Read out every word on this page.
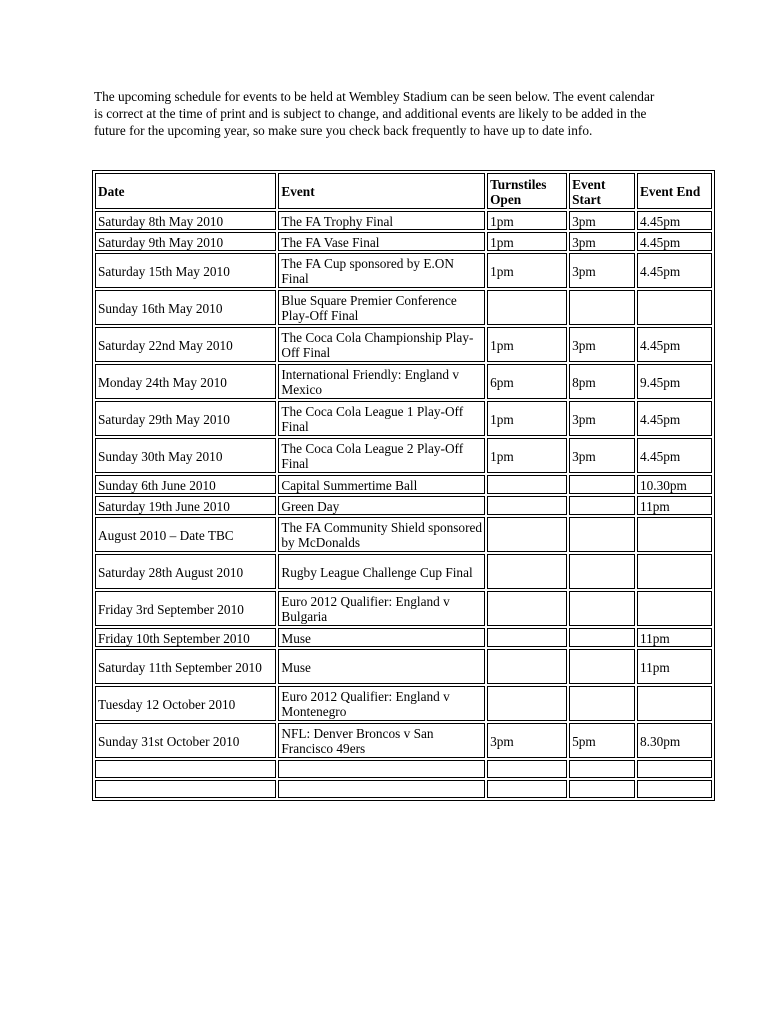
The upcoming schedule for events to be held at Wembley Stadium can be seen below. The event calendar is correct at the time of print and is subject to change, and additional events are likely to be added in the future for the upcoming year, so make sure you check back frequently to have up to date info.

Date	Event	Turnstiles Open	Event Start	Event End
Saturday 8th May 2010	The FA Trophy Final	1pm	3pm	4.45pm
Saturday 9th May 2010	The FA Vase Final	1pm	3pm	4.45pm
Saturday 15th May 2010	The FA Cup sponsored by E.ON Final	1pm	3pm	4.45pm
Sunday 16th May 2010	Blue Square Premier Conference Play-Off Final			
Saturday 22nd May 2010	The Coca Cola Championship Play-Off Final	1pm	3pm	4.45pm
Monday 24th May 2010	International Friendly: England v Mexico	6pm	8pm	9.45pm
Saturday 29th May 2010	The Coca Cola League 1 Play-Off Final	1pm	3pm	4.45pm
Sunday 30th May 2010	The Coca Cola League 2 Play-Off Final	1pm	3pm	4.45pm
Sunday 6th June 2010	Capital Summertime Ball			10.30pm
Saturday 19th June 2010	Green Day			11pm
August 2010 – Date TBC	The FA Community Shield sponsored by McDonalds			
Saturday 28th August 2010	Rugby League Challenge Cup Final			
Friday 3rd September 2010	Euro 2012 Qualifier: England v Bulgaria			
Friday 10th September 2010	Muse			11pm
Saturday 11th September 2010	Muse			11pm
Tuesday 12 October 2010	Euro 2012 Qualifier: England v Montenegro			
Sunday 31st October 2010	NFL: Denver Broncos v San Francisco 49ers	3pm	5pm	8.30pm
